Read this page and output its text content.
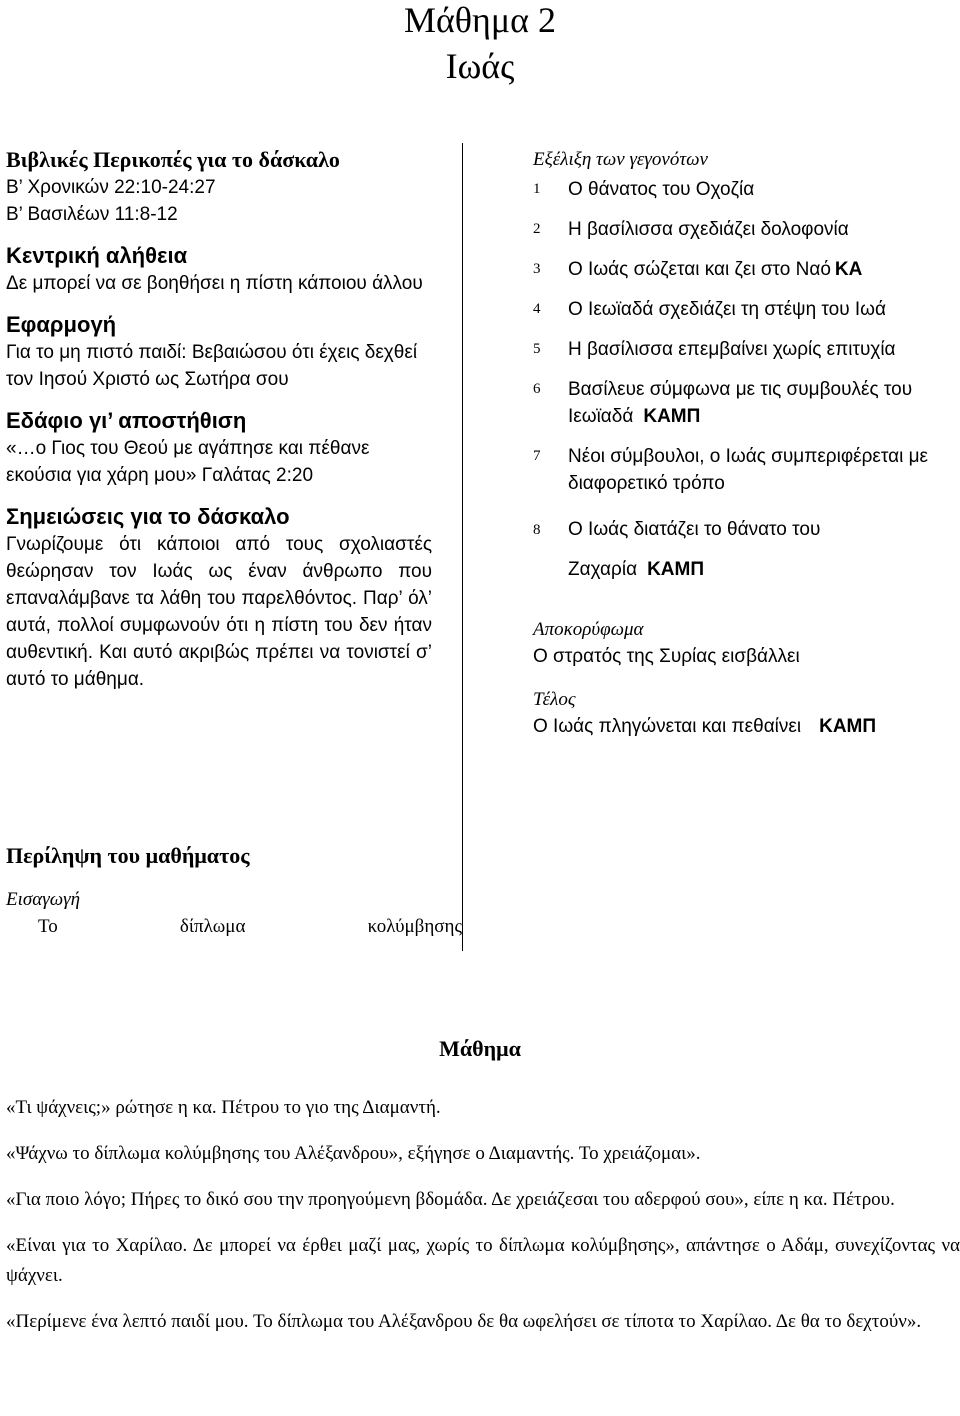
Μάθημα 2
Ιωάς
Βιβλικές Περικοπές για το δάσκαλο
Β’ Χρονικών 22:10-24:27
Β’ Βασιλέων 11:8-12
Κεντρική αλήθεια
Δε μπορεί να σε βοηθήσει η πίστη κάποιου άλλου
Εφαρμογή
Για το μη πιστό παιδί: Βεβαιώσου ότι έχεις δεχθεί τον Ιησού Χριστό ως Σωτήρα σου
Εδάφιο γι’ αποστήθιση
«…ο Γιος του Θεού με αγάπησε και πέθανε εκούσια για χάρη μου» Γαλάτας 2:20
Σημειώσεις για το δάσκαλο
Γνωρίζουμε ότι κάποιοι από τους σχολιαστές θεώρησαν τον Ιωάς ως έναν άνθρωπο που επαναλάμβανε τα λάθη του παρελθόντος. Παρ’ όλ’ αυτά, πολλοί συμφωνούν ότι η πίστη του δεν ήταν αυθεντική. Και αυτό ακριβώς πρέπει να τονιστεί σ’ αυτό το μάθημα.
Εξέλιξη των γεγονότων
1 Ο θάνατος του Οχοζία
2 Η βασίλισσα σχεδιάζει δολοφονία
3 Ο Ιωάς σώζεται και ζει στο Ναό ΚΑ
4 Ο Ιεωϊαδά σχεδιάζει τη στέψη του Ιωά
5 Η βασίλισσα επεμβαίνει χωρίς επιτυχία
6 Βασίλευε σύμφωνα με τις συμβουλές του Ιεωϊαδά ΚΑΜΠ
7 Νέοι σύμβουλοι, ο Ιωάς συμπεριφέρεται με διαφορετικό τρόπο
8 Ο Ιωάς διατάζει το θάνατο του Ζαχαρία ΚΑΜΠ
Αποκορύφωμα
Ο στρατός της Συρίας εισβάλλει
Τέλος
Ο Ιωάς πληγώνεται και πεθαίνει ΚΑΜΠ
Περίληψη του μαθήματος
Εισαγωγή
Το	δίπλωμα	κολύμβησης
Μάθημα

«Τι ψάχνεις;» ρώτησε η κα. Πέτρου το γιο της Διαμαντή.

«Ψάχνω το δίπλωμα κολύμβησης του Αλέξανδρου», εξήγησε ο Διαμαντής. Το χρειάζομαι».

«Για ποιο λόγο; Πήρες το δικό σου την προηγούμενη βδομάδα. Δε χρειάζεσαι του αδερφού σου», είπε η κα. Πέτρου.

«Είναι για το Χαρίλαο. Δε μπορεί να έρθει μαζί μας, χωρίς το δίπλωμα κολύμβησης», απάντησε ο Αδάμ, συνεχίζοντας να ψάχνει.

«Περίμενε ένα λεπτό παιδί μου. Το δίπλωμα του Αλέξανδρου δε θα ωφελήσει σε τίποτα το Χαρίλαο. Δε θα το δεχτούν».
